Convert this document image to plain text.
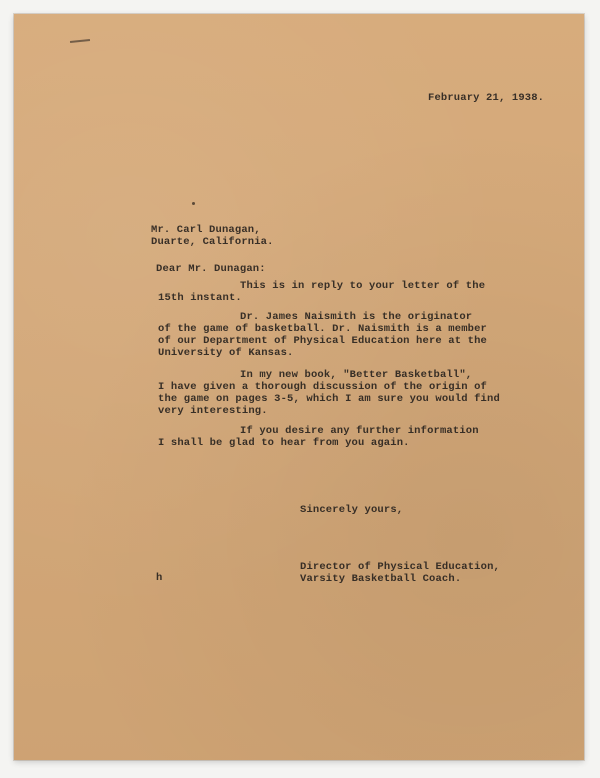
February 21, 1938.
Mr. Carl Dunagan,
Duarte, California.
Dear Mr. Dunagan:
This is in reply to your letter of the
15th instant.
Dr. James Naismith is the originator
of the game of basketball. Dr. Naismith is a member
of our Department of Physical Education here at the
University of Kansas.
In my new book, "Better Basketball",
I have given a thorough discussion of the origin of
the game on pages 3-5, which I am sure you would find
very interesting.
If you desire any further information
I shall be glad to hear from you again.
Sincerely yours,
Director of Physical Education,
Varsity Basketball Coach.
h
